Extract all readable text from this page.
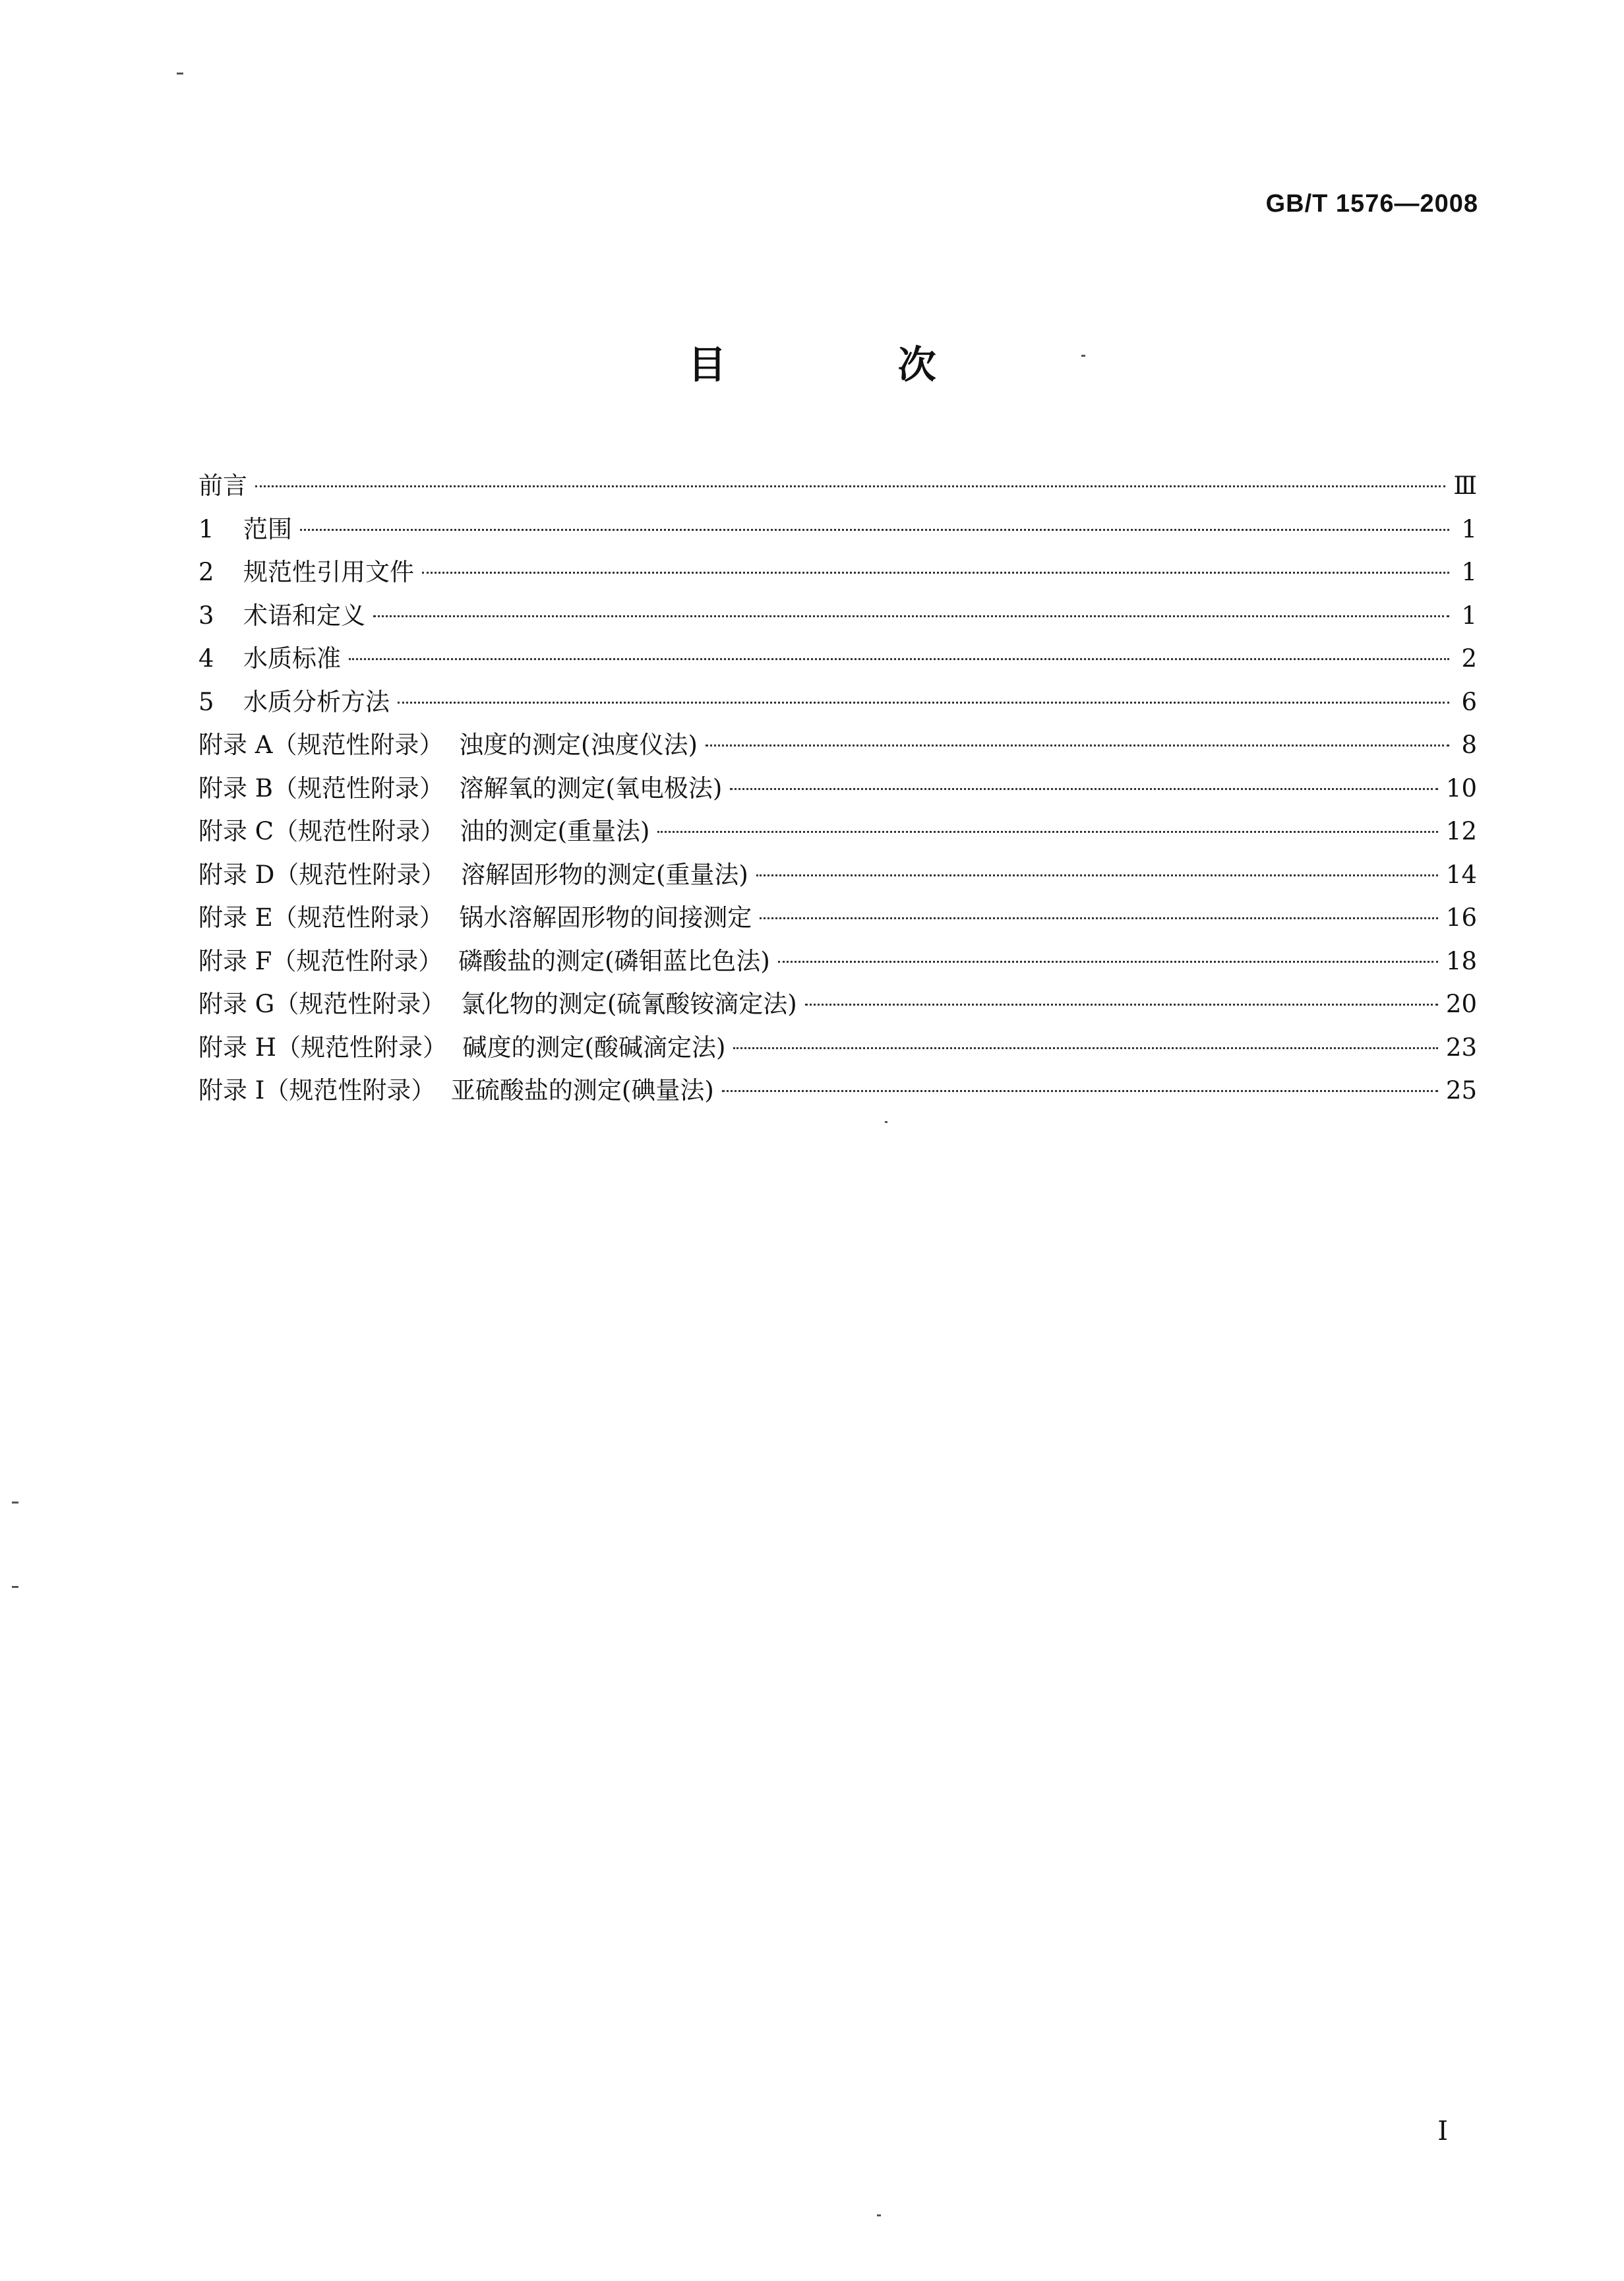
GB/T 1576—2008
目 次
前言	Ⅲ
1 范围	1
2 规范性引用文件	1
3 术语和定义	1
4 水质标准	2
5 水质分析方法	6
附录 A（规范性附录）  浊度的测定(浊度仪法)	8
附录 B（规范性附录）  溶解氧的测定(氧电极法)	10
附录 C（规范性附录）  油的测定(重量法)	12
附录 D（规范性附录）  溶解固形物的测定(重量法)	14
附录 E（规范性附录）  锅水溶解固形物的间接测定	16
附录 F（规范性附录）  磷酸盐的测定(磷钼蓝比色法)	18
附录 G（规范性附录）  氯化物的测定(硫氰酸铵滴定法)	20
附录 H（规范性附录）  碱度的测定(酸碱滴定法)	23
附录 I（规范性附录）  亚硫酸盐的测定(碘量法)	25
I
